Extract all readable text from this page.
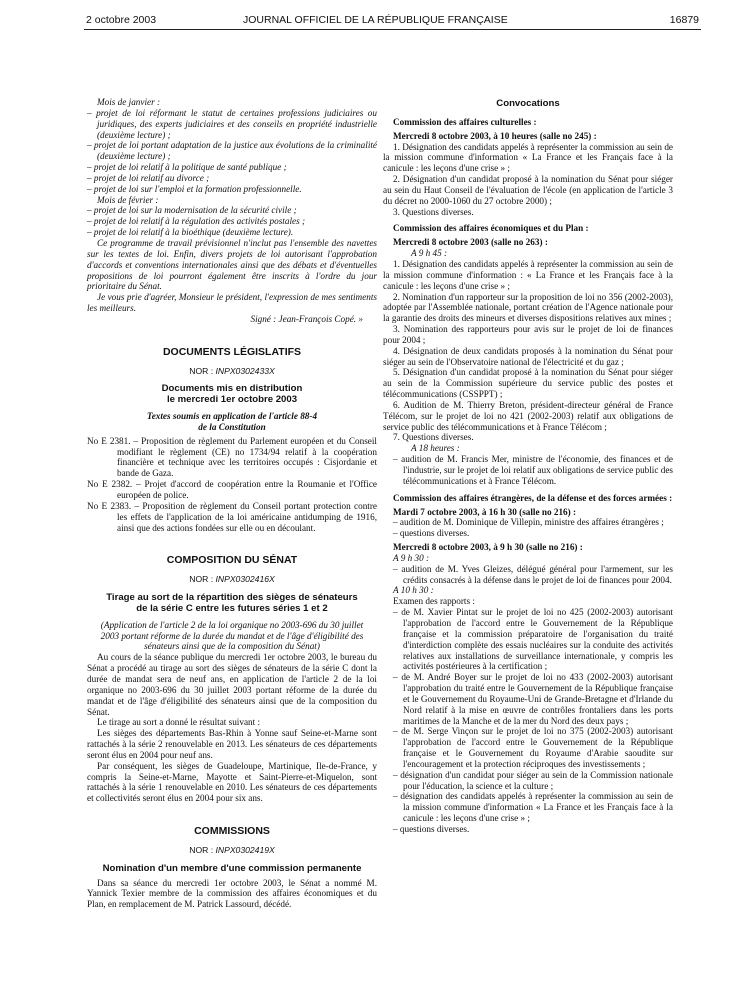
2 octobre 2003	JOURNAL OFFICIEL DE LA RÉPUBLIQUE FRANÇAISE	16879

Mois de janvier :

– projet de loi réformant le statut de certaines professions judiciaires ou juridiques, des experts judiciaires et des conseils en propriété industrielle (deuxième lecture) ;

– projet de loi portant adaptation de la justice aux évolutions de la criminalité (deuxième lecture) ;

– projet de loi relatif à la politique de santé publique ;

– projet de loi relatif au divorce ;

– projet de loi sur l'emploi et la formation professionnelle.

Mois de février :

– projet de loi sur la modernisation de la sécurité civile ;

– projet de loi relatif à la régulation des activités postales ;

– projet de loi relatif à la bioéthique (deuxième lecture).

Ce programme de travail prévisionnel n'inclut pas l'ensemble des navettes sur les textes de loi. Enfin, divers projets de loi autorisant l'approbation d'accords et conventions internationales ainsi que des débats et d'éventuelles propositions de loi pourront également être inscrits à l'ordre du jour prioritaire du Sénat.

Je vous prie d'agréer, Monsieur le président, l'expression de mes sentiments les meilleurs.

Signé : Jean-François Copé. »

DOCUMENTS LÉGISLATIFS

NOR : INPX0302433X

Documents mis en distribution

le mercredi 1er octobre 2003

Textes soumis en application de l'article 88-4

de la Constitution

No E 2381. – Proposition de règlement du Parlement européen et du Conseil modifiant le règlement (CE) no 1734/94 relatif à la coopération financière et technique avec les territoires occupés : Cisjordanie et bande de Gaza.

No E 2382. – Projet d'accord de coopération entre la Roumanie et l'Office européen de police.

No E 2383. – Proposition de règlement du Conseil portant protection contre les effets de l'application de la loi américaine antidumping de 1916, ainsi que des actions fondées sur elle ou en découlant.

COMPOSITION DU SÉNAT

NOR : INPX0302416X

Tirage au sort de la répartition des sièges de sénateurs

de la série C entre les futures séries 1 et 2

(Application de l'article 2 de la loi organique no 2003-696 du 30 juillet 2003 portant réforme de la durée du mandat et de l'âge d'éligibilité des sénateurs ainsi que de la composition du Sénat)

Au cours de la séance publique du mercredi 1er octobre 2003, le bureau du Sénat a procédé au tirage au sort des sièges de sénateurs de la série C dont la durée de mandat sera de neuf ans, en application de l'article 2 de la loi organique no 2003-696 du 30 juillet 2003 portant réforme de la durée du mandat et de l'âge d'éligibilité des sénateurs ainsi que de la composition du Sénat.

Le tirage au sort a donné le résultat suivant :

Les sièges des départements Bas-Rhin à Yonne sauf Seine-et-Marne sont rattachés à la série 2 renouvelable en 2013. Les sénateurs de ces départements seront élus en 2004 pour neuf ans.

Par conséquent, les sièges de Guadeloupe, Martinique, Ile-de-France, y compris la Seine-et-Marne, Mayotte et Saint-Pierre-et-Miquelon, sont rattachés à la série 1 renouvelable en 2010. Les sénateurs de ces départements et collectivités seront élus en 2004 pour six ans.

COMMISSIONS

NOR : INPX0302419X

Nomination d'un membre d'une commission permanente

Dans sa séance du mercredi 1er octobre 2003, le Sénat a nommé M. Yannick Texier membre de la commission des affaires économiques et du Plan, en remplacement de M. Patrick Lassourd, décédé.

Convocations

Commission des affaires culturelles :

Mercredi 8 octobre 2003, à 10 heures (salle no 245) :

1. Désignation des candidats appelés à représenter la commission au sein de la mission commune d'information « La France et les Français face à la canicule : les leçons d'une crise » ;

2. Désignation d'un candidat proposé à la nomination du Sénat pour siéger au sein du Haut Conseil de l'évaluation de l'école (en application de l'article 3 du décret no 2000-1060 du 27 octobre 2000) ;

3. Questions diverses.

Commission des affaires économiques et du Plan :

Mercredi 8 octobre 2003 (salle no 263) :

A 9 h 45 :

1. Désignation des candidats appelés à représenter la commission au sein de la mission commune d'information : « La France et les Français face à la canicule : les leçons d'une crise » ;

2. Nomination d'un rapporteur sur la proposition de loi no 356 (2002-2003), adoptée par l'Assemblée nationale, portant création de l'Agence nationale pour la garantie des droits des mineurs et diverses dispositions relatives aux mines ;

3. Nomination des rapporteurs pour avis sur le projet de loi de finances pour 2004 ;

4. Désignation de deux candidats proposés à la nomination du Sénat pour siéger au sein de l'Observatoire national de l'électricité et du gaz ;

5. Désignation d'un candidat proposé à la nomination du Sénat pour siéger au sein de la Commission supérieure du service public des postes et télécommunications (CSSPPT) ;

6. Audition de M. Thierry Breton, président-directeur général de France Télécom, sur le projet de loi no 421 (2002-2003) relatif aux obligations de service public des télécommunications et à France Télécom ;

7. Questions diverses.

A 18 heures :

– audition de M. Francis Mer, ministre de l'économie, des finances et de l'industrie, sur le projet de loi relatif aux obligations de service public des télécommunications et à France Télécom.

Commission des affaires étrangères, de la défense et des forces armées :

Mardi 7 octobre 2003, à 16 h 30 (salle no 216) :

– audition de M. Dominique de Villepin, ministre des affaires étrangères ;

– questions diverses.

Mercredi 8 octobre 2003, à 9 h 30 (salle no 216) :

A 9 h 30 :

– audition de M. Yves Gleizes, délégué général pour l'armement, sur les crédits consacrés à la défense dans le projet de loi de finances pour 2004.

A 10 h 30 :

Examen des rapports :

– de M. Xavier Pintat sur le projet de loi no 425 (2002-2003) autorisant l'approbation de l'accord entre le Gouvernement de la République française et la commission préparatoire de l'organisation du traité d'interdiction complète des essais nucléaires sur la conduite des activités relatives aux installations de surveillance internationale, y compris les activités postérieures à la certification ;

– de M. André Boyer sur le projet de loi no 433 (2002-2003) autorisant l'approbation du traité entre le Gouvernement de la République française et le Gouvernement du Royaume-Uni de Grande-Bretagne et d'Irlande du Nord relatif à la mise en œuvre de contrôles frontaliers dans les ports maritimes de la Manche et de la mer du Nord des deux pays ;

– de M. Serge Vinçon sur le projet de loi no 375 (2002-2003) autorisant l'approbation de l'accord entre le Gouvernement de la République française et le Gouvernement du Royaume d'Arabie saoudite sur l'encouragement et la protection réciproques des investissements ;

– désignation d'un candidat pour siéger au sein de la Commission nationale pour l'éducation, la science et la culture ;

– désignation des candidats appelés à représenter la commission au sein de la mission commune d'information « La France et les Français face à la canicule : les leçons d'une crise » ;

– questions diverses.
